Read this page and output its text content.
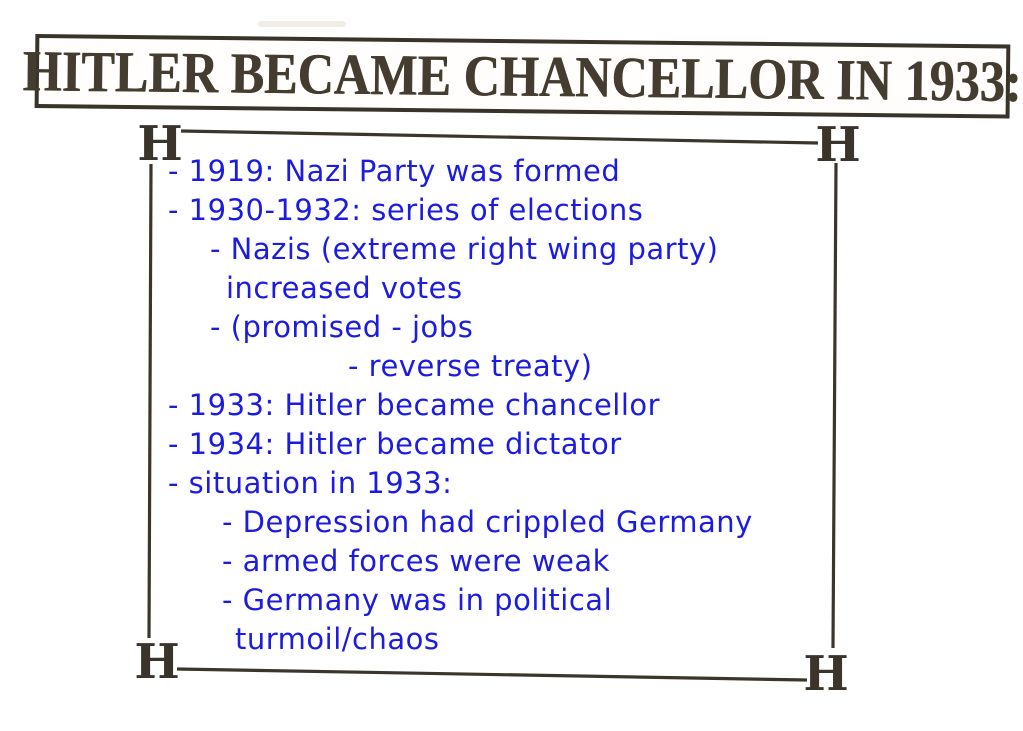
HITLER BECAME CHANCELLOR IN 1933:
H	H
H	H
- 1919: Nazi Party was formed
- 1930-1932: series of elections
- Nazis (extreme right wing party)
increased votes
- (promised - jobs
- reverse treaty)
- 1933: Hitler became chancellor
- 1934: Hitler became dictator
- situation in 1933:
- Depression had crippled Germany
- armed forces were weak
- Germany was in political
turmoil/chaos
